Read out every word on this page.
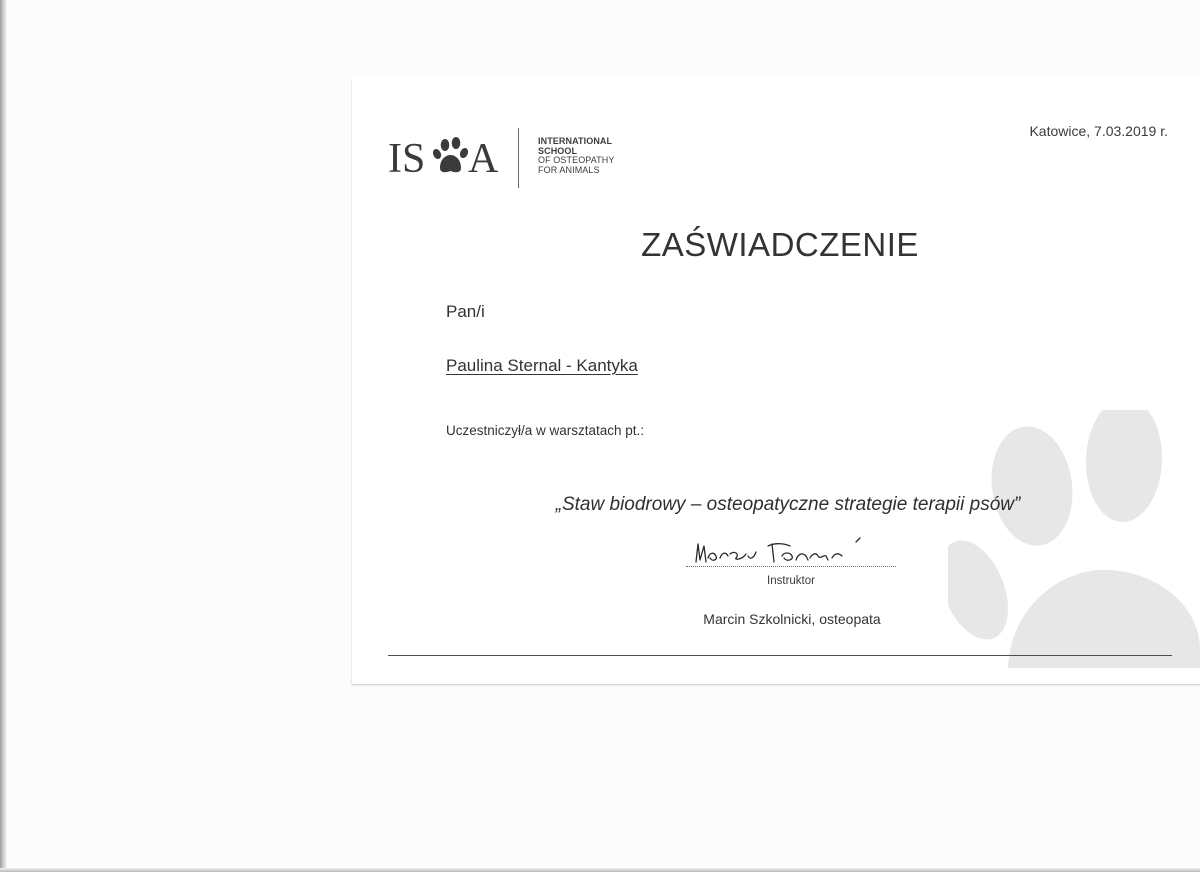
IS A	INTERNATIONAL SCHOOL
OF OSTEOPATHY
FOR ANIMALS
Katowice, 7.03.2019 r.
ZAŚWIADCZENIE
Pan/i
Paulina Sternal - Kantyka
Uczestniczył/a w warsztatach pt.:
„Staw biodrowy – osteopatyczne strategie terapii psów”
Instruktor
Marcin Szkolnicki, osteopata
